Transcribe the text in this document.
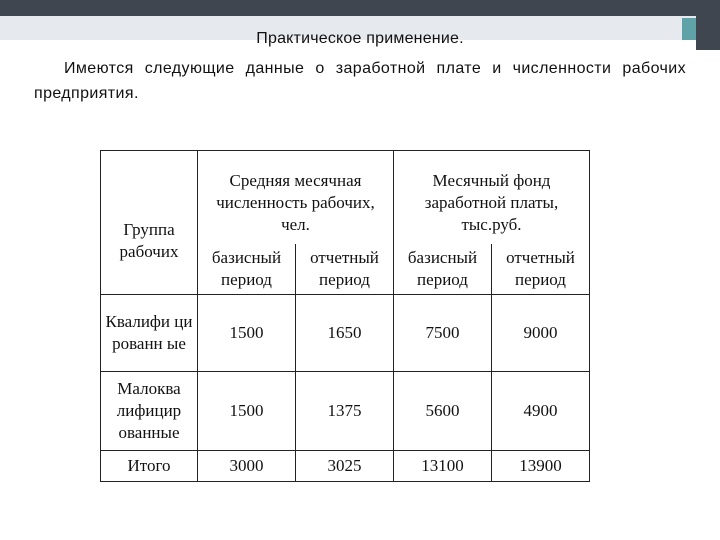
Практическое применение.
Имеются следующие данные о заработной плате и численности рабочих предприятия.
Группа рабочих	Средняя месячная численность рабочих, чел.		Месячный фонд заработной платы, тыс.руб.	

	базисный период	отчетный период	базисный период	отчетный период

Квалифи цированн ые	1500	1650	7500	9000

Малоква лифицир ованные	1500	1375	5600	4900
Итого	3000	3025	13100	13900
